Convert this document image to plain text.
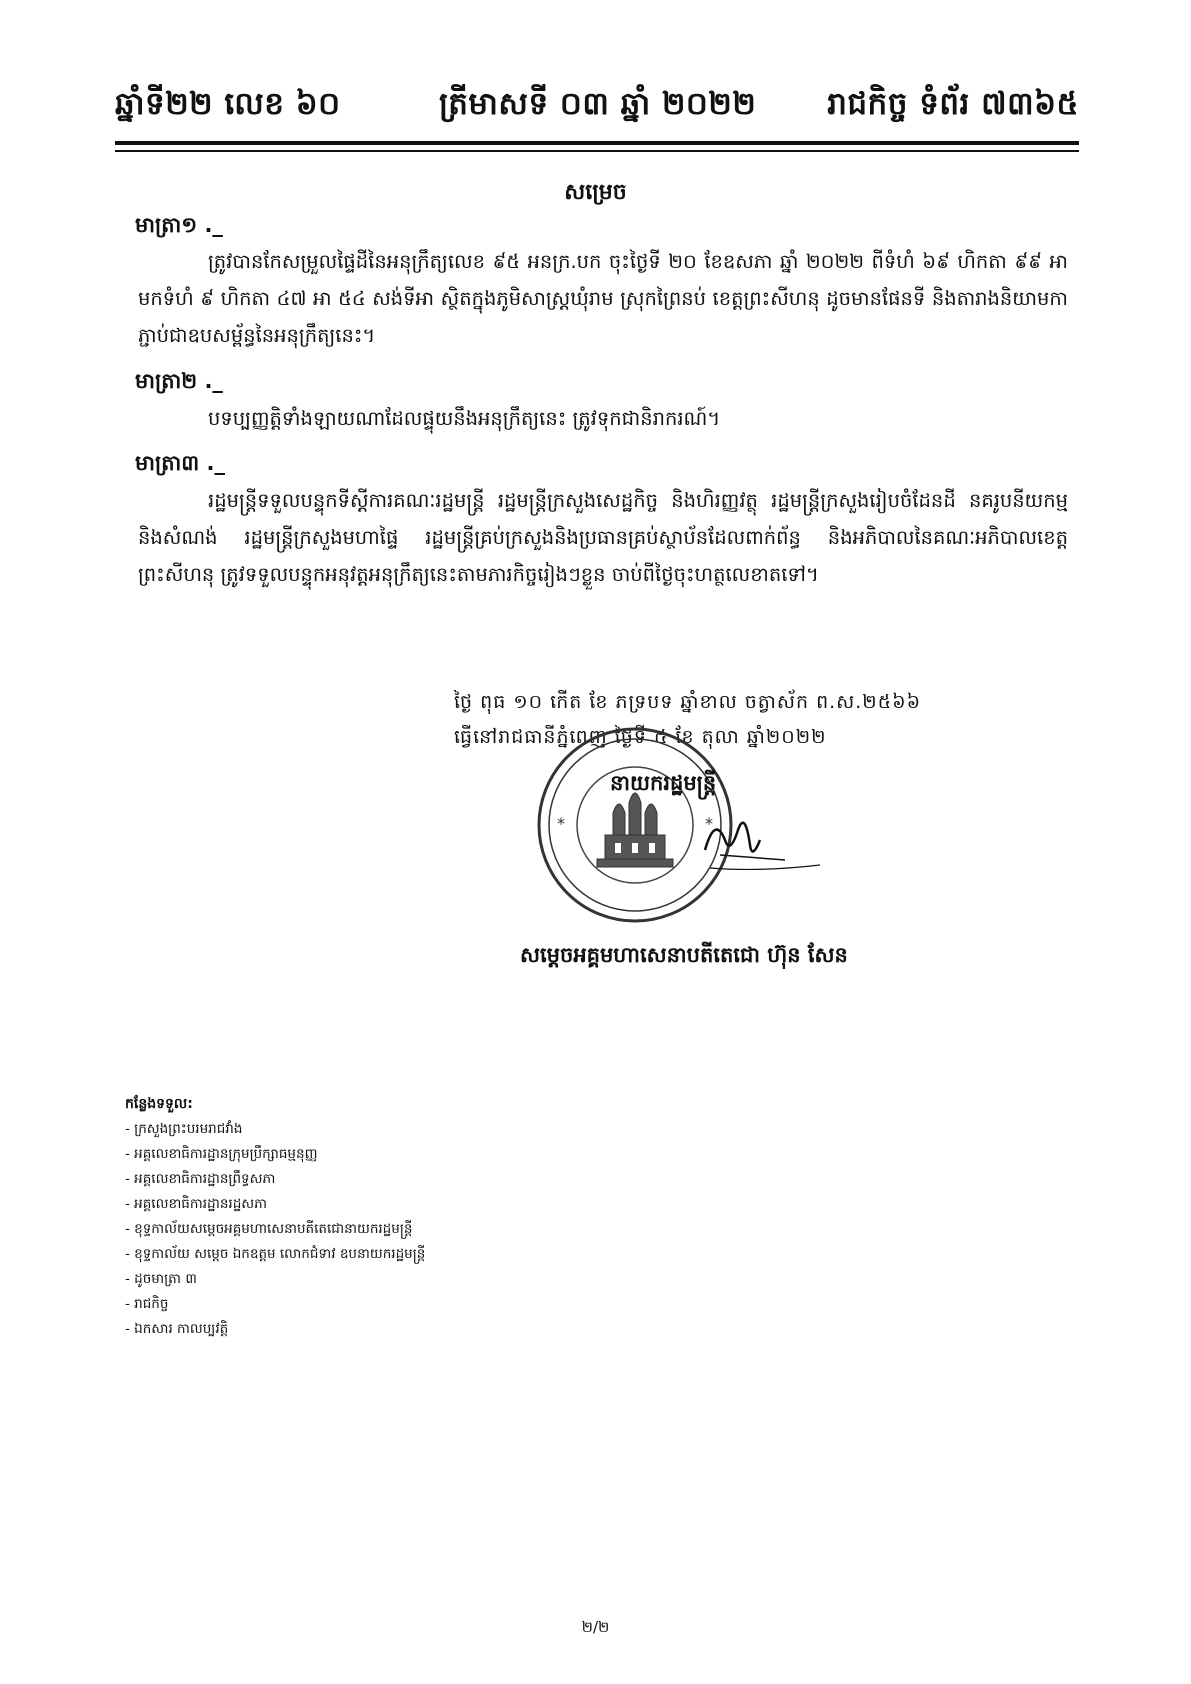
ឆ្នាំទី២២ លេខ ៦០	ត្រីមាសទី ០៣ ឆ្នាំ ២០២២ រាជកិច្ច ទំព័រ ៧៣៦៥
សម្រេច
មាត្រា១ ._
ត្រូវបានកែសម្រួលផ្ទៃដីនៃអនុក្រឹត្យលេខ ៩៥ អនក្រ.បក ចុះថ្ងៃទី ២០ ខែឧសភា ឆ្នាំ ២០២២ ពីទំហំ ៦៩ ហិកតា ៩៩ អា មកទំហំ ៩ ហិកតា ៤៧ អា ៥៤ សង់ទីអា ស្ថិតក្នុងភូមិសាស្ត្រឃុំរាម ស្រុកព្រៃនប់ ខេត្តព្រះសីហនុ ដូចមានផែនទី និងតារាងនិយាមកាភ្ជាប់ជាឧបសម្ព័ន្ធនៃអនុក្រឹត្យនេះ។
មាត្រា២ ._
បទប្បញ្ញត្តិទាំងឡាយណាដែលផ្ទុយនឹងអនុក្រឹត្យនេះ ត្រូវទុកជានិរាករណ៍។
មាត្រា៣ ._
រដ្ឋមន្ត្រីទទួលបន្ទុកទីស្តីការគណៈរដ្ឋមន្ត្រី រដ្ឋមន្ត្រីក្រសួងសេដ្ឋកិច្ច និងហិរញ្ញវត្ថុ រដ្ឋមន្ត្រីក្រសួងរៀបចំដែនដី នគរូបនីយកម្ម និងសំណង់ រដ្ឋមន្ត្រីក្រសួងមហាផ្ទៃ រដ្ឋមន្ត្រីគ្រប់ក្រសួងនិងប្រធានគ្រប់ស្ថាប័នដែលពាក់ព័ន្ធ និងអភិបាលនៃគណៈអភិបាលខេត្តព្រះសីហនុ ត្រូវទទួលបន្ទុកអនុវត្តអនុក្រឹត្យនេះតាមភារកិច្ចរៀងៗខ្លួន ចាប់ពីថ្ងៃចុះហត្ថលេខាតទៅ។
ថ្ងៃ ពុធ ១០ កើត ខែ ភទ្របទ ឆ្នាំខាល ចត្វាស័ក ព.ស.២៥៦៦
ធ្វើនៅរាជធានីភ្នំពេញ ថ្ងៃទី ៥ ខែ តុលា ឆ្នាំ២០២២
*	*
នាយករដ្ឋមន្ត្រី
សម្តេចអគ្គមហាសេនាបតីតេជោ ហ៊ុន សែន
កន្លែងទទួល:
- ក្រសួងព្រះបរមរាជវាំង
- អគ្គលេខាធិការដ្ឋានក្រុមប្រឹក្សាធម្មនុញ្ញ
- អគ្គលេខាធិការដ្ឋានព្រឹទ្ធសភា
- អគ្គលេខាធិការដ្ឋានរដ្ឋសភា
- ខុទ្ទកាល័យសម្តេចអគ្គមហាសេនាបតីតេជោនាយករដ្ឋមន្ត្រី
- ខុទ្ទកាល័យ សម្តេច ឯកឧត្តម លោកជំទាវ ឧបនាយករដ្ឋមន្ត្រី
- ដូចមាត្រា ៣
- រាជកិច្ច
- ឯកសារ កាលប្បវត្តិ
២/២
